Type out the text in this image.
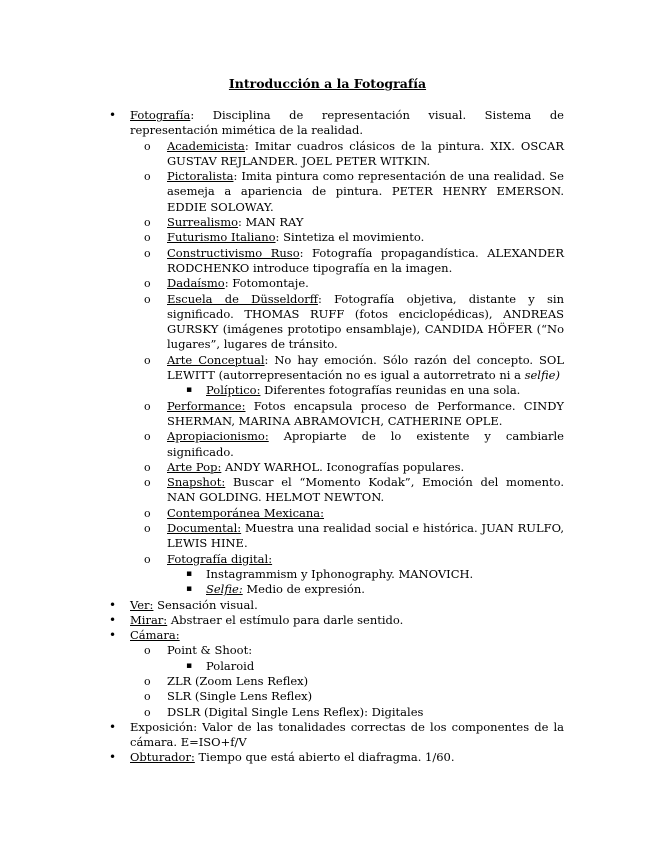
Introducción a la Fotografía
• Fotografía: Disciplina de representación visual. Sistema de representación mimética de la realidad.
o Academicista: Imitar cuadros clásicos de la pintura. XIX. OSCAR GUSTAV REJLANDER. JOEL PETER WITKIN.
o Pictoralista: Imita pintura como representación de una realidad. Se asemeja a apariencia de pintura. PETER HENRY EMERSON. EDDIE SOLOWAY.
o Surrealismo: MAN RAY
o Futurismo Italiano: Sintetiza el movimiento.
o Constructivismo Ruso: Fotografía propagandística. ALEXANDER RODCHENKO introduce tipografía en la imagen.
o Dadaísmo: Fotomontaje.
o Escuela de Düsseldorff: Fotografía objetiva, distante y sin significado. THOMAS RUFF (fotos enciclopédicas), ANDREAS GURSKY (imágenes prototipo ensamblaje), CANDIDA HÖFER (“No lugares”, lugares de tránsito.
o Arte Conceptual: No hay emoción. Sólo razón del concepto. SOL LEWITT (autorrepresentación no es igual a autorretrato ni a selfie)
▪ Políptico: Diferentes fotografías reunidas en una sola.
o Performance: Fotos encapsula proceso de Performance. CINDY SHERMAN, MARINA ABRAMOVICH, CATHERINE OPLE.
o Apropiacionismo: Apropiarte de lo existente y cambiarle significado.
o Arte Pop: ANDY WARHOL. Iconografías populares.
o Snapshot: Buscar el “Momento Kodak”, Emoción del momento. NAN GOLDING. HELMOT NEWTON.
o Contemporánea Mexicana:
o Documental: Muestra una realidad social e histórica. JUAN RULFO, LEWIS HINE.
o Fotografía digital:
▪ Instagrammism y Iphonography. MANOVICH.
▪ Selfie: Medio de expresión.
• Ver: Sensación visual.
• Mirar: Abstraer el estímulo para darle sentido.
• Cámara:
o Point & Shoot:
▪ Polaroid
o ZLR (Zoom Lens Reflex)
o SLR (Single Lens Reflex)
o DSLR (Digital Single Lens Reflex): Digitales
• Exposición: Valor de las tonalidades correctas de los componentes de la cámara. E=ISO+f/V
• Obturador: Tiempo que está abierto el diafragma. 1/60.
